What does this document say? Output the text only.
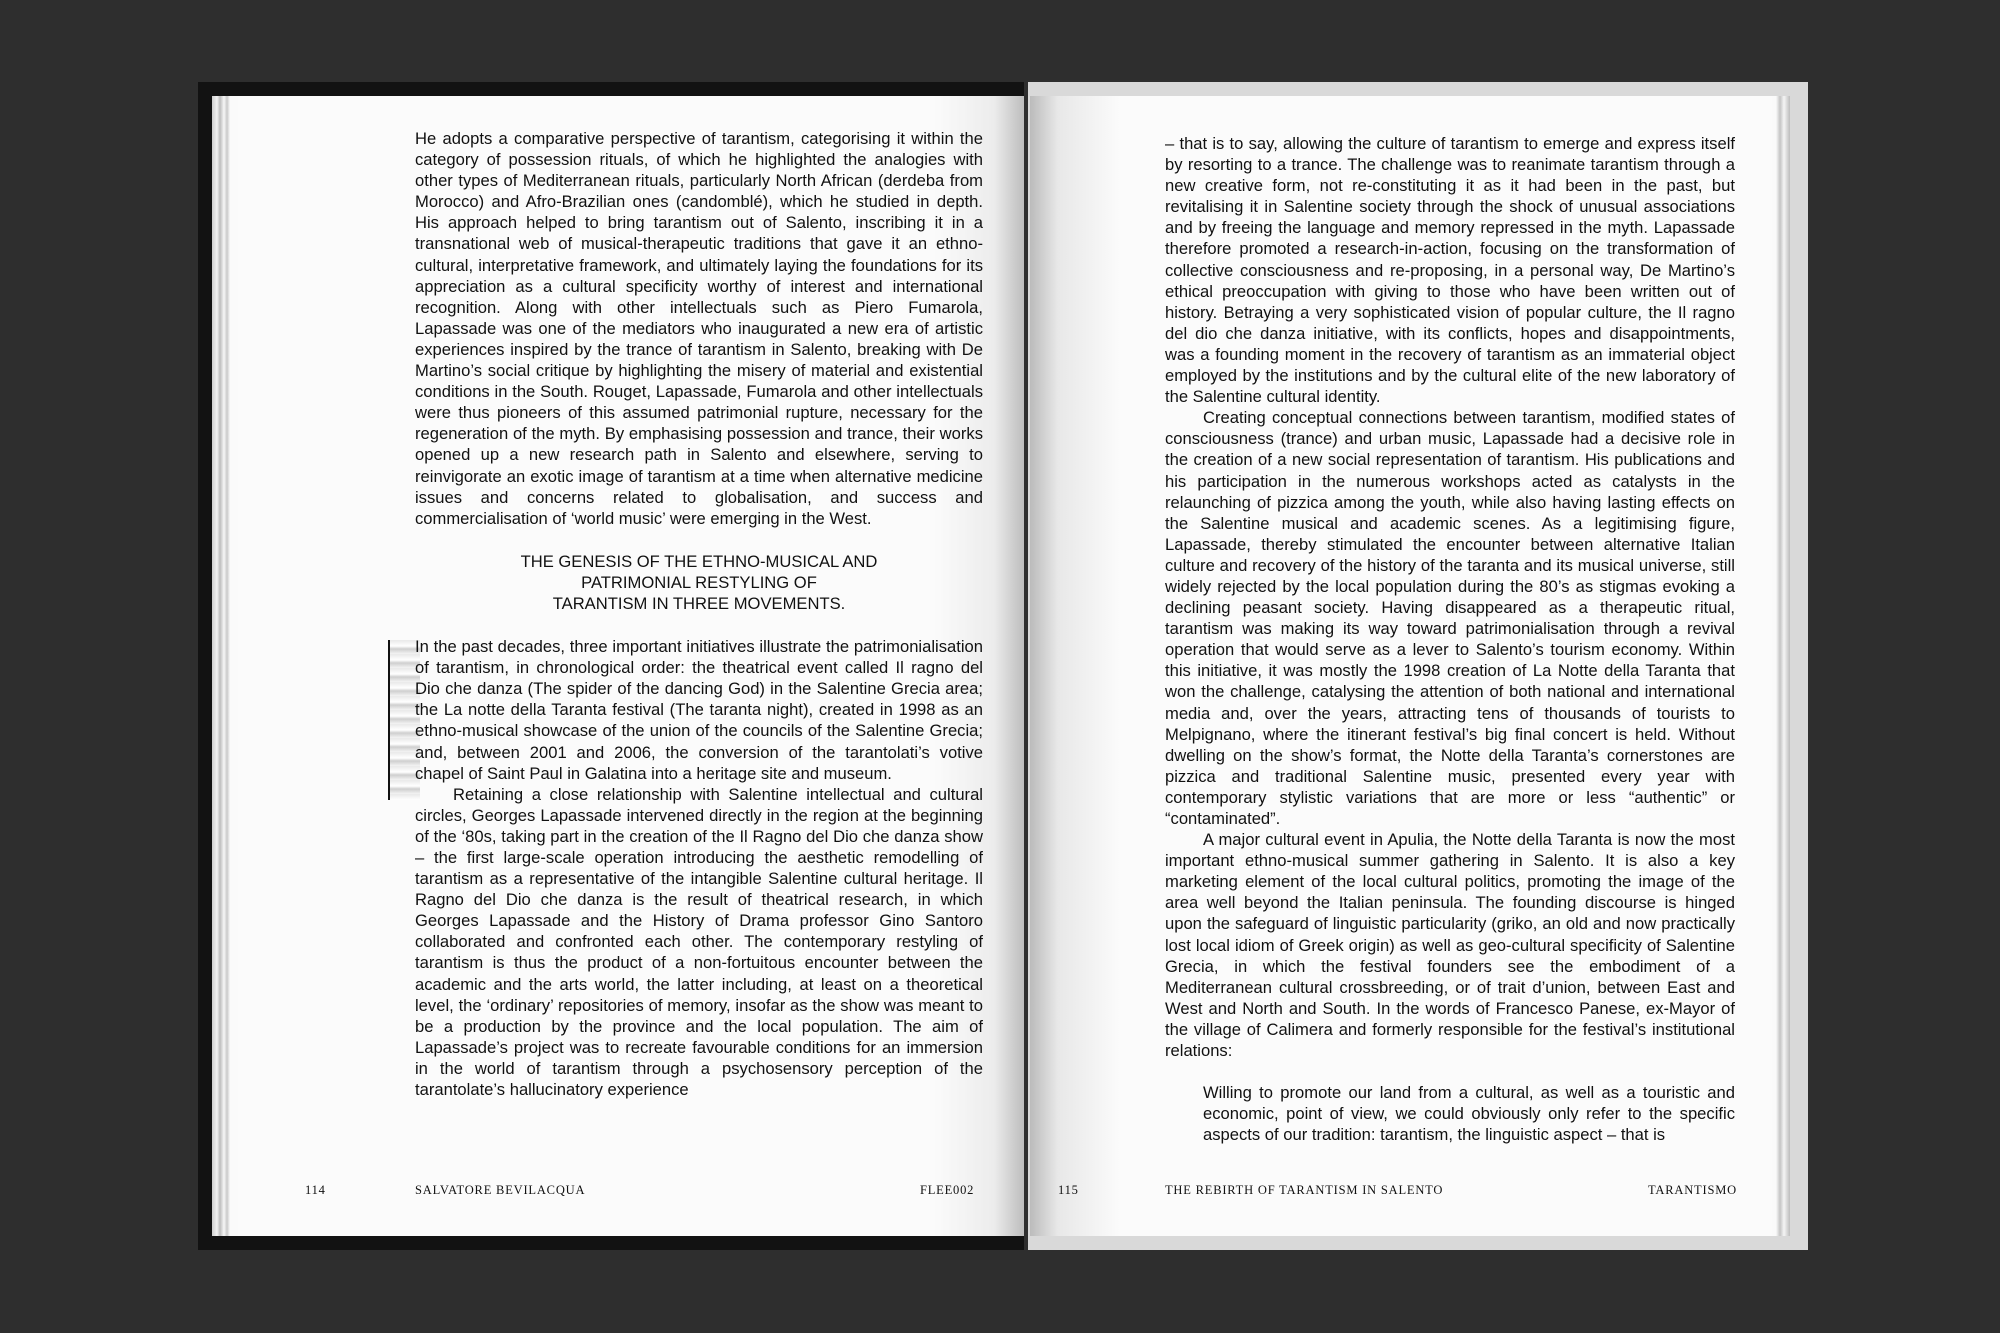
He adopts a comparative perspective of tarantism, categorising it within the category of possession rituals, of which he highlighted the analogies with other types of Mediterranean rituals, particularly North African (derdeba from Morocco) and Afro-Brazilian ones (candomblé), which he studied in depth. His approach helped to bring tarantism out of Salento, inscribing it in a transnational web of musical-therapeutic traditions that gave it an ethno-cultural, interpretative framework, and ultimately laying the foundations for its appreciation as a cultural specificity worthy of interest and international recognition. Along with other intellectuals such as Piero Fumarola, Lapassade was one of the mediators who inaugurated a new era of artistic experiences inspired by the trance of tarantism in Salento, breaking with De Martino’s social critique by highlighting the misery of material and existential conditions in the South. Rouget, Lapassade, Fumarola and other intellectuals were thus pioneers of this assumed patrimonial rupture, necessary for the regeneration of the myth. By emphasising possession and trance, their works opened up a new research path in Salento and elsewhere, serving to reinvigorate an exotic image of tarantism at a time when alternative medicine issues and concerns related to globalisation, and success and commercialisation of ‘world music’ were emerging in the West.

THE GENESIS OF THE ETHNO-MUSICAL AND
PATRIMONIAL RESTYLING OF
TARANTISM IN THREE MOVEMENTS.

In the past decades, three important initiatives illustrate the patrimonialisation of tarantism, in chronological order: the theatrical event called Il ragno del Dio che danza (The spider of the dancing God) in the Salentine Grecia area; the La notte della Taranta festival (The taranta night), created in 1998 as an ethno-musical showcase of the union of the councils of the Salentine Grecia; and, between 2001 and 2006, the conversion of the tarantolati’s votive chapel of Saint Paul in Galatina into a heritage site and museum.

Retaining a close relationship with Salentine intellectual and cultural circles, Georges Lapassade intervened directly in the region at the beginning of the ‘80s, taking part in the creation of the Il Ragno del Dio che danza show – the first large-scale operation introducing the aesthetic remodelling of tarantism as a representative of the intangible Salentine cultural heritage. Il Ragno del Dio che danza is the result of theatrical research, in which Georges Lapassade and the History of Drama professor Gino Santoro collaborated and confronted each other. The contemporary restyling of tarantism is thus the product of a non-fortuitous encounter between the academic and the arts world, the latter including, at least on a theoretical level, the ‘ordinary’ repositories of memory, insofar as the show was meant to be a production by the province and the local population. The aim of Lapassade’s project was to recreate favourable conditions for an immersion in the world of tarantism through a psychosensory perception of the tarantolate’s hallucinatory experience

114	SALVATORE BEVILACQUA	FLEE002

– that is to say, allowing the culture of tarantism to emerge and express itself by resorting to a trance. The challenge was to reanimate tarantism through a new creative form, not re-constituting it as it had been in the past, but revitalising it in Salentine society through the shock of unusual associations and by freeing the language and memory repressed in the myth. Lapassade therefore promoted a research-in-action, focusing on the transformation of collective consciousness and re-proposing, in a personal way, De Martino’s ethical preoccupation with giving to those who have been written out of history. Betraying a very sophisticated vision of popular culture, the Il ragno del dio che danza initiative, with its conflicts, hopes and disappointments, was a founding moment in the recovery of tarantism as an immaterial object employed by the institutions and by the cultural elite of the new laboratory of the Salentine cultural identity.

Creating conceptual connections between tarantism, modified states of consciousness (trance) and urban music, Lapassade had a decisive role in the creation of a new social representation of tarantism. His publications and his participation in the numerous workshops acted as catalysts in the relaunching of pizzica among the youth, while also having lasting effects on the Salentine musical and academic scenes. As a legitimising figure, Lapassade, thereby stimulated the encounter between alternative Italian culture and recovery of the history of the taranta and its musical universe, still widely rejected by the local population during the 80’s as stigmas evoking a declining peasant society. Having disappeared as a therapeutic ritual, tarantism was making its way toward patrimonialisation through a revival operation that would serve as a lever to Salento’s tourism economy. Within this initiative, it was mostly the 1998 creation of La Notte della Taranta that won the challenge, catalysing the attention of both national and international media and, over the years, attracting tens of thousands of tourists to Melpignano, where the itinerant festival’s big final concert is held. Without dwelling on the show’s format, the Notte della Taranta’s cornerstones are pizzica and traditional Salentine music, presented every year with contemporary stylistic variations that are more or less “authentic” or “contaminated”.

A major cultural event in Apulia, the Notte della Taranta is now the most important ethno-musical summer gathering in Salento. It is also a key marketing element of the local cultural politics, promoting the image of the area well beyond the Italian peninsula. The founding discourse is hinged upon the safeguard of linguistic particularity (griko, an old and now practically lost local idiom of Greek origin) as well as geo-cultural specificity of Salentine Grecia, in which the festival founders see the embodiment of a Mediterranean cultural crossbreeding, or of trait d’union, between East and West and North and South. In the words of Francesco Panese, ex-Mayor of the village of Calimera and formerly responsible for the festival’s institutional relations:

Willing to promote our land from a cultural, as well as a touristic and economic, point of view, we could obviously only refer to the specific aspects of our tradition: tarantism, the linguistic aspect – that is

115	THE REBIRTH OF TARANTISM IN SALENTO	TARANTISMO
